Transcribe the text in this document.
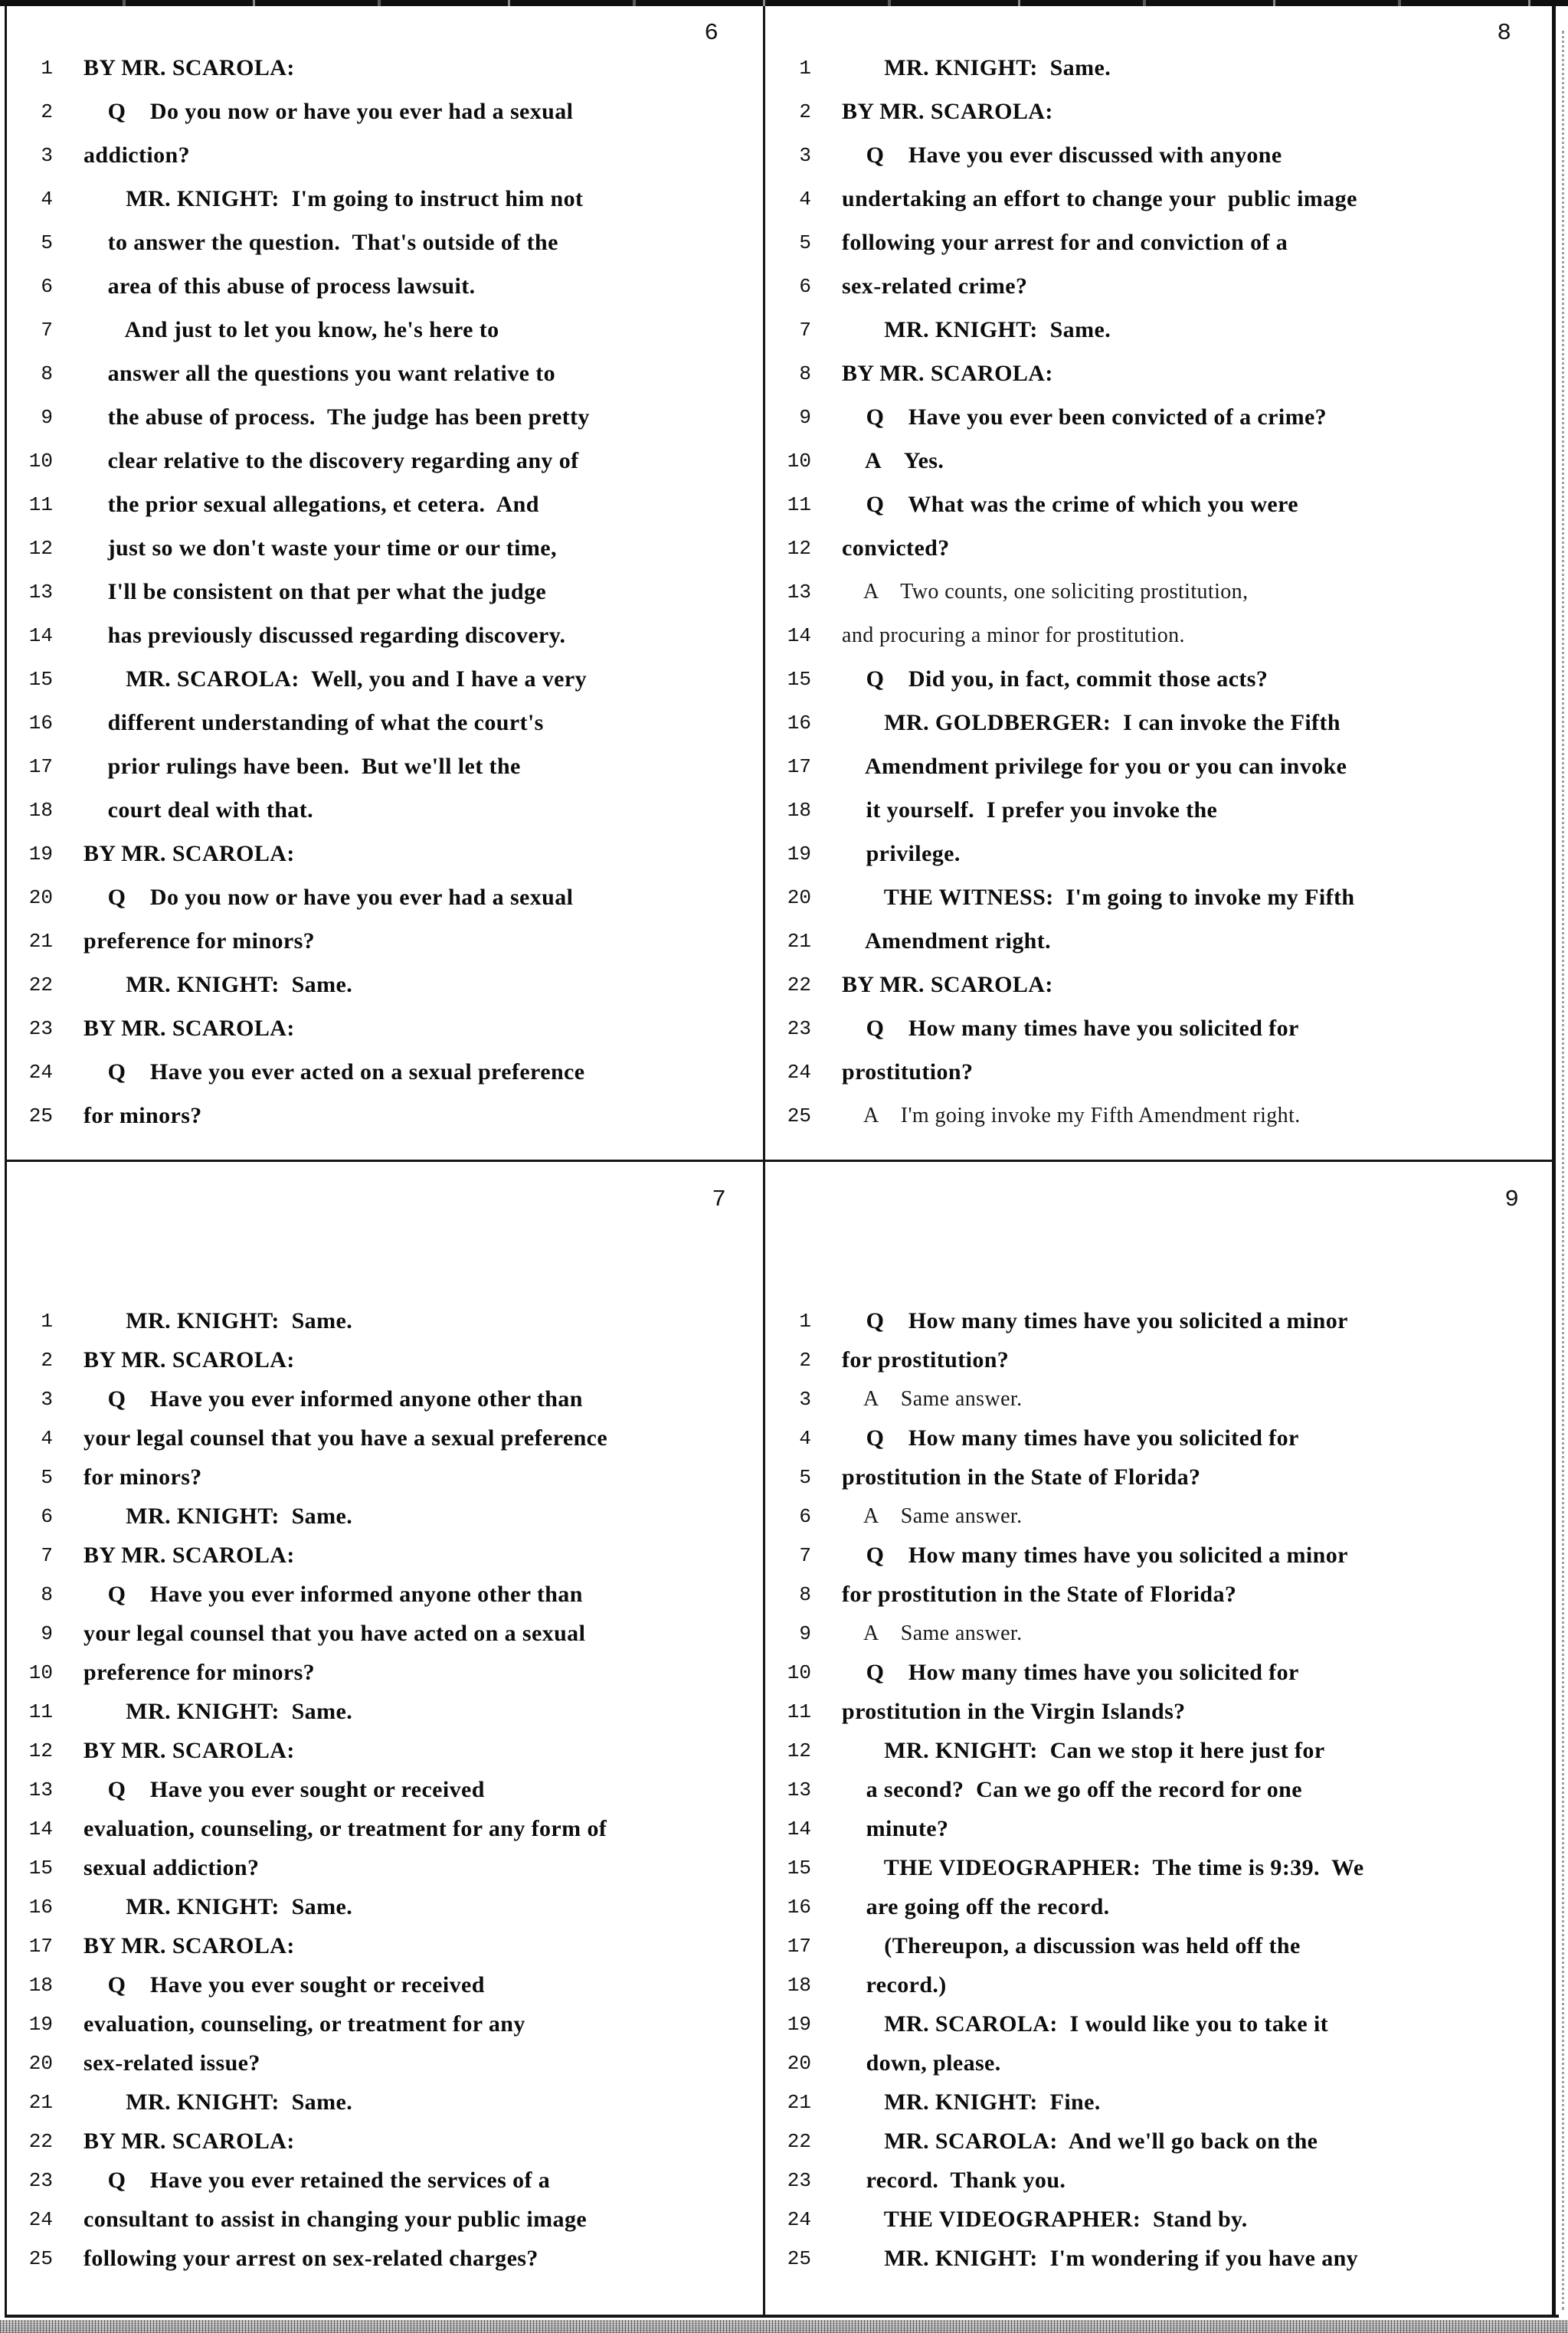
6
1 BY MR. SCAROLA:
2 Q    Do you now or have you ever had a sexual
3 addiction?
4 MR. KNIGHT:  I'm going to instruct him not
5 to answer the question.  That's outside of the
6 area of this abuse of process lawsuit.
7 And just to let you know, he's here to
8 answer all the questions you want relative to
9 the abuse of process.  The judge has been pretty
10 clear relative to the discovery regarding any of
11 the prior sexual allegations, et cetera.  And
12 just so we don't waste your time or our time,
13 I'll be consistent on that per what the judge
14 has previously discussed regarding discovery.
15 MR. SCAROLA:  Well, you and I have a very
16 different understanding of what the court's
17 prior rulings have been.  But we'll let the
18 court deal with that.
19 BY MR. SCAROLA:
20 Q    Do you now or have you ever had a sexual
21 preference for minors?
22 MR. KNIGHT:  Same.
23 BY MR. SCAROLA:
24 Q    Have you ever acted on a sexual preference
25 for minors?
8
1 MR. KNIGHT:  Same.
2 BY MR. SCAROLA:
3 Q    Have you ever discussed with anyone
4 undertaking an effort to change your  public image
5 following your arrest for and conviction of a
6 sex-related crime?
7 MR. KNIGHT:  Same.
8 BY MR. SCAROLA:
9 Q    Have you ever been convicted of a crime?
10 A    Yes.
11 Q    What was the crime of which you were
12 convicted?
13 A    Two counts, one soliciting prostitution,
14 and procuring a minor for prostitution.
15 Q    Did you, in fact, commit those acts?
16 MR. GOLDBERGER:  I can invoke the Fifth
17 Amendment privilege for you or you can invoke
18 it yourself.  I prefer you invoke the
19 privilege.
20 THE WITNESS:  I'm going to invoke my Fifth
21 Amendment right.
22 BY MR. SCAROLA:
23 Q    How many times have you solicited for
24 prostitution?
25 A    I'm going invoke my Fifth Amendment right.
7
1 MR. KNIGHT:  Same.
2 BY MR. SCAROLA:
3 Q    Have you ever informed anyone other than
4 your legal counsel that you have a sexual preference
5 for minors?
6 MR. KNIGHT:  Same.
7 BY MR. SCAROLA:
8 Q    Have you ever informed anyone other than
9 your legal counsel that you have acted on a sexual
10 preference for minors?
11 MR. KNIGHT:  Same.
12 BY MR. SCAROLA:
13 Q    Have you ever sought or received
14 evaluation, counseling, or treatment for any form of
15 sexual addiction?
16 MR. KNIGHT:  Same.
17 BY MR. SCAROLA:
18 Q    Have you ever sought or received
19 evaluation, counseling, or treatment for any
20 sex-related issue?
21 MR. KNIGHT:  Same.
22 BY MR. SCAROLA:
23 Q    Have you ever retained the services of a
24 consultant to assist in changing your public image
25 following your arrest on sex-related charges?
9
1 Q    How many times have you solicited a minor
2 for prostitution?
3 A    Same answer.
4 Q    How many times have you solicited for
5 prostitution in the State of Florida?
6 A    Same answer.
7 Q    How many times have you solicited a minor
8 for prostitution in the State of Florida?
9 A    Same answer.
10 Q    How many times have you solicited for
11 prostitution in the Virgin Islands?
12 MR. KNIGHT:  Can we stop it here just for
13 a second?  Can we go off the record for one
14 minute?
15 THE VIDEOGRAPHER:  The time is 9:39.  We
16 are going off the record.
17 (Thereupon, a discussion was held off the
18 record.)
19 MR. SCAROLA:  I would like you to take it
20 down, please.
21 MR. KNIGHT:  Fine.
22 MR. SCAROLA:  And we'll go back on the
23 record.  Thank you.
24 THE VIDEOGRAPHER:  Stand by.
25 MR. KNIGHT:  I'm wondering if you have any
